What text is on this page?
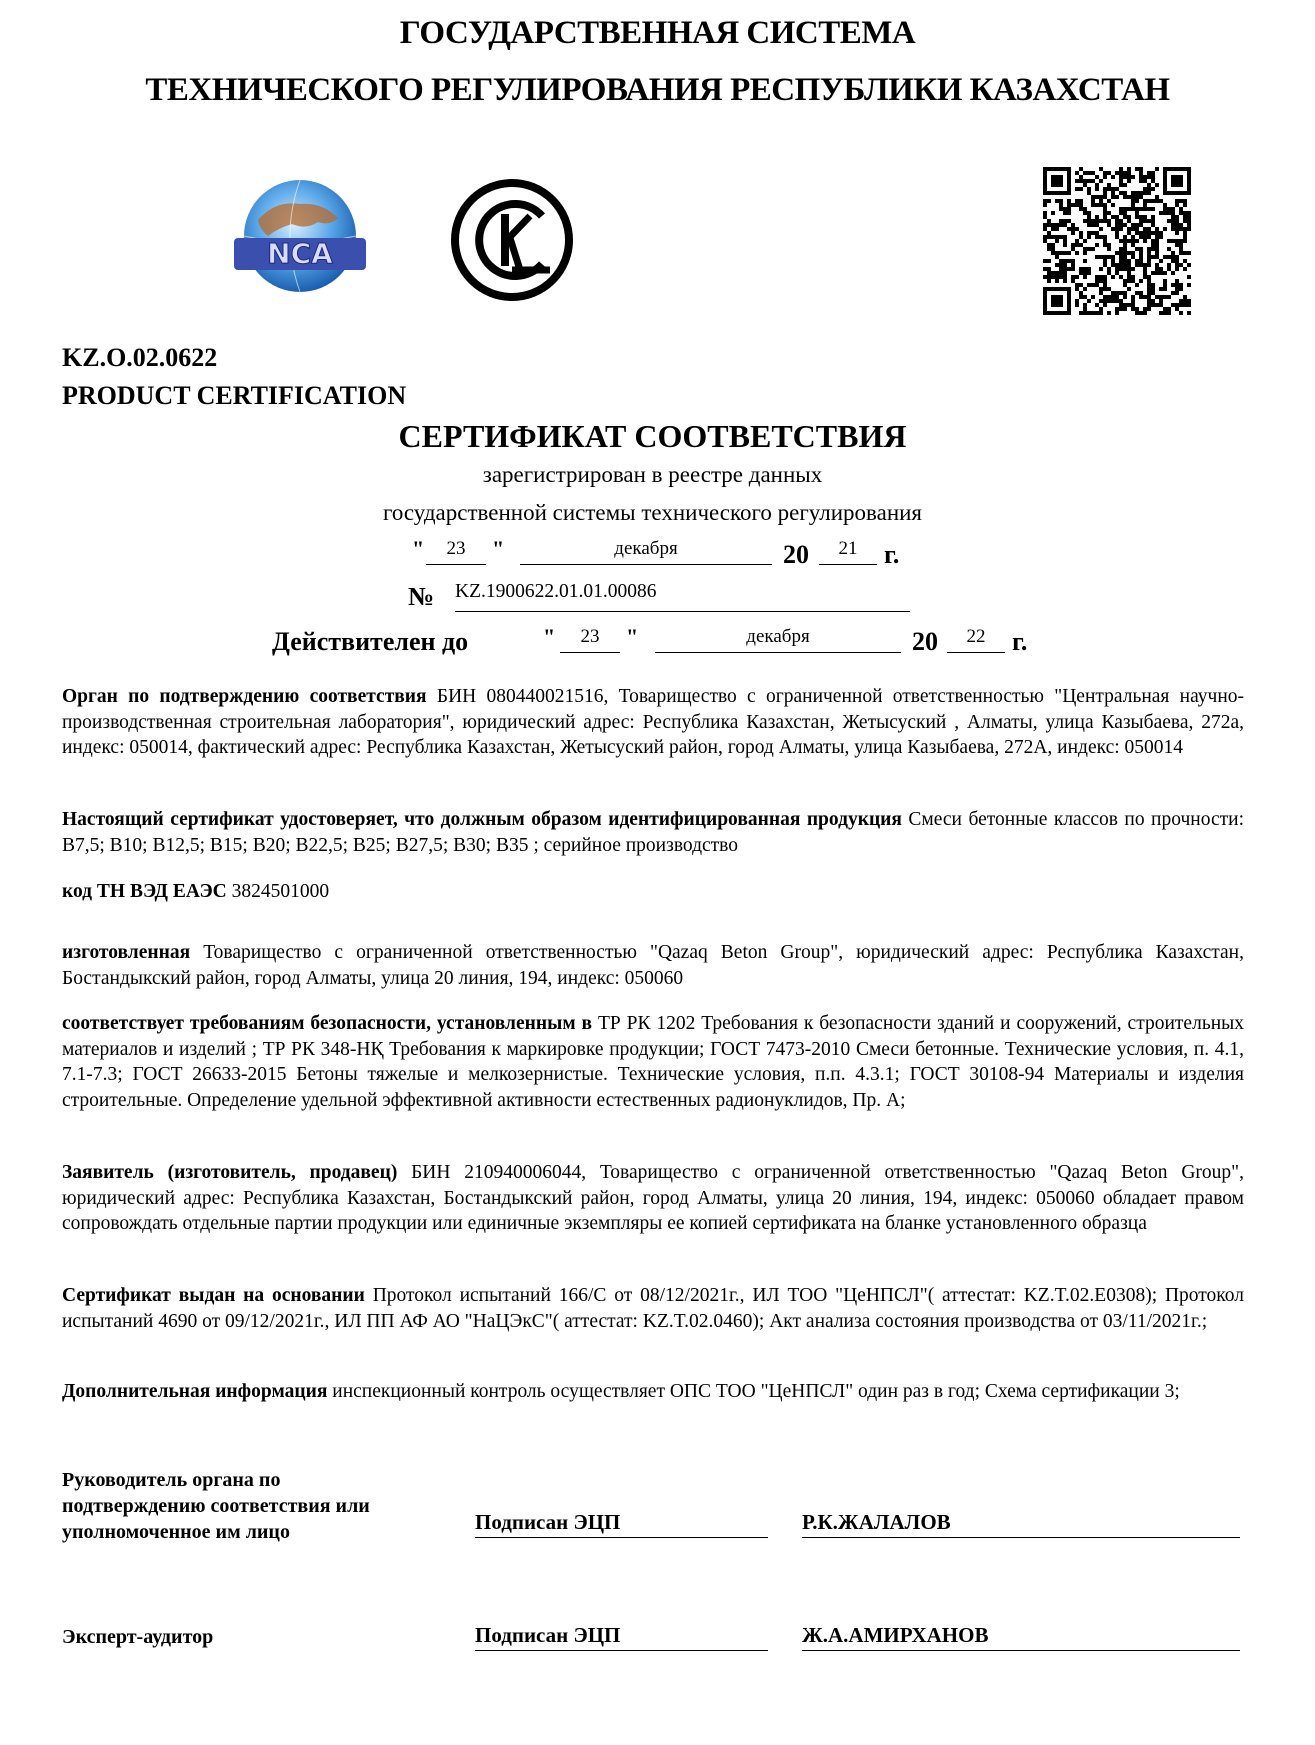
ГОСУДАРСТВЕННАЯ СИСТЕМА
ТЕХНИЧЕСКОГО РЕГУЛИРОВАНИЯ РЕСПУБЛИКИ КАЗАХСТАН
NCA
KZ.O.02.0622
PRODUCT CERTIFICATION
СЕРТИФИКАТ СООТВЕТСТВИЯ
зарегистрирован в реестре данных
государственной системы технического регулирования
"	23	"	декабря	20	21	г.
№ KZ.1900622.01.01.00086
Действителен до	"	23	"	декабря	20	22	г.
Орган по подтверждению соответствия БИН 080440021516, Товарищество с ограниченной ответственностью "Центральная научно-производственная строительная лаборатория", юридический адрес: Республика Казахстан, Жетысуский , Алматы, улица Казыбаева, 272а, индекс: 050014, фактический адрес: Республика Казахстан, Жетысуский район, город Алматы, улица Казыбаева, 272А, индекс: 050014
Настоящий сертификат удостоверяет, что должным образом идентифицированная продукция Смеси бетонные классов по прочности: В7,5; В10; В12,5; В15; В20; В22,5; В25; В27,5; В30; В35 ; серийное производство
код ТН ВЭД ЕАЭС 3824501000
изготовленная Товарищество с ограниченной ответственностью "Qazaq Beton Group", юридический адрес: Республика Казахстан, Бостандыкский район, город Алматы, улица 20 линия, 194, индекс: 050060
соответствует требованиям безопасности, установленным в ТР РК 1202 Требования к безопасности зданий и сооружений, строительных материалов и изделий ; ТР РК 348-НҚ Требования к маркировке продукции; ГОСТ 7473-2010 Смеси бетонные. Технические условия, п. 4.1, 7.1-7.3; ГОСТ 26633-2015 Бетоны тяжелые и мелкозернистые. Технические условия, п.п. 4.3.1; ГОСТ 30108-94 Материалы и изделия строительные. Определение удельной эффективной активности естественных радионуклидов, Пр. А;
Заявитель (изготовитель, продавец) БИН 210940006044, Товарищество с ограниченной ответственностью "Qazaq Beton Group", юридический адрес: Республика Казахстан, Бостандыкский район, город Алматы, улица 20 линия, 194, индекс: 050060 обладает правом сопровождать отдельные партии продукции или единичные экземпляры ее копией сертификата на бланке установленного образца
Сертификат выдан на основании Протокол испытаний 166/С от 08/12/2021г., ИЛ ТОО "ЦеНПСЛ"( аттестат: KZ.T.02.E0308); Протокол испытаний 4690 от 09/12/2021г., ИЛ ПП АФ АО "НаЦЭкС"( аттестат: KZ.T.02.0460); Акт анализа состояния производства от 03/11/2021г.;
Дополнительная информация инспекционный контроль осуществляет ОПС ТОО "ЦеНПСЛ" один раз в год; Схема сертификации 3;
Руководитель органа по
подтверждению соответствия или
уполномоченное им лицо	Подписан ЭЦП	Р.К.ЖАЛАЛОВ
Эксперт-аудитор	Подписан ЭЦП	Ж.А.АМИРХАНОВ
